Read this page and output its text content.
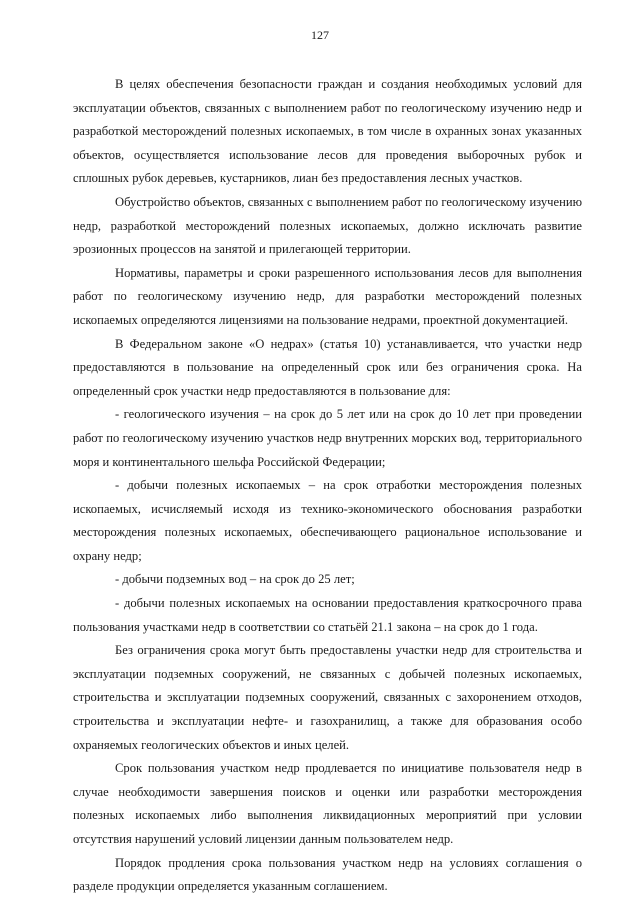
127

В целях обеспечения безопасности граждан и создания необходимых условий для эксплуатации объектов, связанных с выполнением работ по геологическому изучению недр и разработкой месторождений полезных ископаемых, в том числе в охранных зонах указанных объектов, осуществляется использование лесов для проведения выборочных рубок и сплошных рубок деревьев, кустарников, лиан без предоставления лесных участков.

Обустройство объектов, связанных с выполнением работ по геологическому изучению недр, разработкой месторождений полезных ископаемых, должно исключать развитие эрозионных процессов на занятой и прилегающей территории.

Нормативы, параметры и сроки разрешенного использования лесов для выполнения работ по геологическому изучению недр, для разработки месторождений полезных ископаемых определяются лицензиями на пользование недрами, проектной документацией.

В Федеральном законе «О недрах» (статья 10) устанавливается, что участки недр предоставляются в пользование на определенный срок или без ограничения срока. На определенный срок участки недр предоставляются в пользование для:

- геологического изучения – на срок до 5 лет или на срок до 10 лет при проведении работ по геологическому изучению участков недр внутренних морских вод, территориального моря и континентального шельфа Российской Федерации;

- добычи полезных ископаемых – на срок отработки месторождения полезных ископаемых, исчисляемый исходя из технико-экономического обоснования разработки месторождения полезных ископаемых, обеспечивающего рациональное использование и охрану недр;

- добычи подземных вод – на срок до 25 лет;

- добычи полезных ископаемых на основании предоставления краткосрочного права пользования участками недр в соответствии со статьёй 21.1 закона – на срок до 1 года.

Без ограничения срока могут быть предоставлены участки недр для строительства и эксплуатации подземных сооружений, не связанных с добычей полезных ископаемых, строительства и эксплуатации подземных сооружений, связанных с захоронением отходов, строительства и эксплуатации нефте- и газохранилищ, а также для образования особо охраняемых геологических объектов и иных целей.

Срок пользования участком недр продлевается по инициативе пользователя недр в случае необходимости завершения поисков и оценки или разработки месторождения полезных ископаемых либо выполнения ликвидационных мероприятий при условии отсутствия нарушений условий лицензии данным пользователем недр.

Порядок продления срока пользования участком недр на условиях соглашения о разделе продукции определяется указанным соглашением.
